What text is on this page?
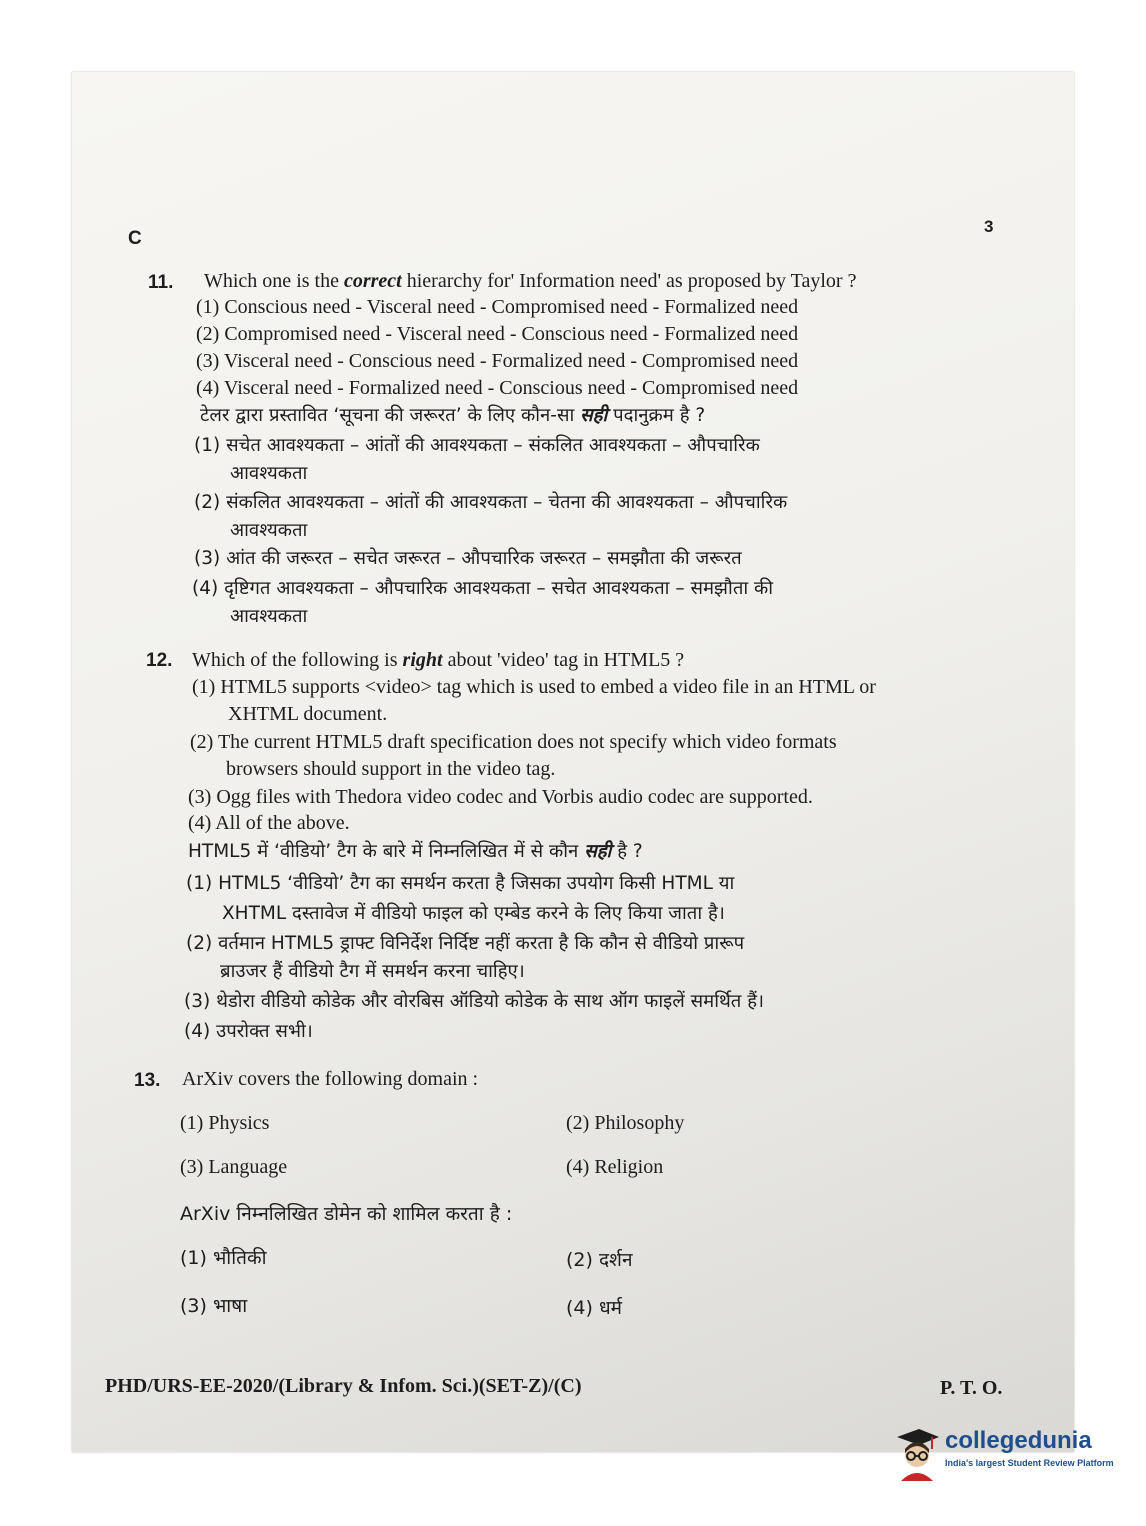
C
3
11. Which one is the correct hierarchy for' Information need' as proposed by Taylor ?
(1) Conscious need - Visceral need - Compromised need - Formalized need
(2) Compromised need - Visceral need - Conscious need - Formalized need
(3) Visceral need - Conscious need - Formalized need - Compromised need
(4) Visceral need - Formalized need - Conscious need - Compromised need
टेलर द्वारा प्रस्तावित ‘सूचना की जरूरत’ के लिए कौन-सा सही पदानुक्रम है ?
(1) सचेत आवश्यकता – आंतों की आवश्यकता – संकलित आवश्यकता – औपचारिक
आवश्यकता
(2) संकलित आवश्यकता – आंतों की आवश्यकता – चेतना की आवश्यकता – औपचारिक
आवश्यकता
(3) आंत की जरूरत – सचेत जरूरत – औपचारिक जरूरत – समझौता की जरूरत
(4) दृष्टिगत आवश्यकता – औपचारिक आवश्यकता – सचेत आवश्यकता – समझौता की
आवश्यकता
12. Which of the following is right about 'video' tag in HTML5 ?
(1) HTML5 supports <video> tag which is used to embed a video file in an HTML or
XHTML document.
(2) The current HTML5 draft specification does not specify which video formats
browsers should support in the video tag.
(3) Ogg files with Thedora video codec and Vorbis audio codec are supported.
(4) All of the above.
HTML5 में ‘वीडियो’ टैग के बारे में निम्नलिखित में से कौन सही है ?
(1) HTML5 ‘वीडियो’ टैग का समर्थन करता है जिसका उपयोग किसी HTML या
XHTML दस्तावेज में वीडियो फाइल को एम्बेड करने के लिए किया जाता है।
(2) वर्तमान HTML5 ड्राफ्ट विनिर्देश निर्दिष्ट नहीं करता है कि कौन से वीडियो प्रारूप
ब्राउजर हैं वीडियो टैग में समर्थन करना चाहिए।
(3) थेडोरा वीडियो कोडेक और वोरबिस ऑडियो कोडेक के साथ ऑग फाइलें समर्थित हैं।
(4) उपरोक्त सभी।
13. ArXiv covers the following domain :
(1) Physics	(2) Philosophy
(3) Language	(4) Religion
ArXiv निम्नलिखित डोमेन को शामिल करता है :
(1) भौतिकी	(2) दर्शन
(3) भाषा	(4) धर्म
PHD/URS-EE-2020/(Library & Infom. Sci.)(SET-Z)/(C)	P. T. O.
collegedunia
India's largest Student Review Platform
